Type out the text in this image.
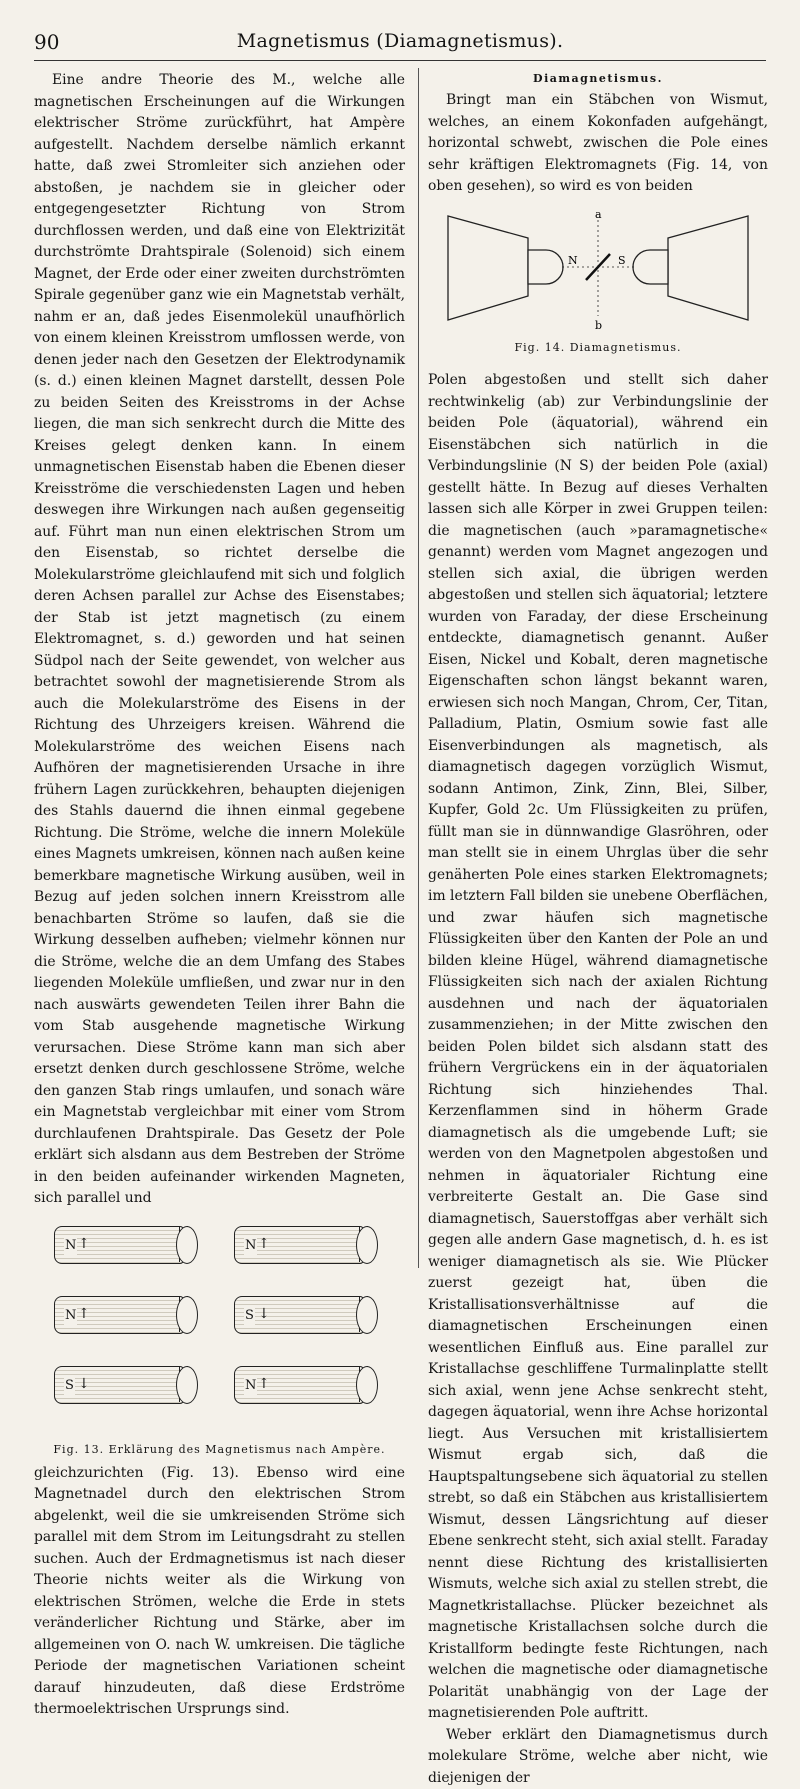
90	Magnetismus (Diamagnetismus).

Eine andre Theorie des M., welche alle magnetischen Erscheinungen auf die Wirkungen elektrischer Ströme zurückführt, hat Ampère aufgestellt. Nachdem derselbe nämlich erkannt hatte, daß zwei Stromleiter sich anziehen oder abstoßen, je nachdem sie in gleicher oder entgegengesetzter Richtung von Strom durchflossen werden, und daß eine von Elektrizität durchströmte Drahtspirale (Solenoid) sich einem Magnet, der Erde oder einer zweiten durchströmten Spirale gegenüber ganz wie ein Magnetstab verhält, nahm er an, daß jedes Eisenmolekül unaufhörlich von einem kleinen Kreisstrom umflossen werde, von denen jeder nach den Gesetzen der Elektrodynamik (s. d.) einen kleinen Magnet darstellt, dessen Pole zu beiden Seiten des Kreisstroms in der Achse liegen, die man sich senkrecht durch die Mitte des Kreises gelegt denken kann. In einem unmagnetischen Eisenstab haben die Ebenen dieser Kreisströme die verschiedensten Lagen und heben deswegen ihre Wirkungen nach außen gegenseitig auf. Führt man nun einen elektrischen Strom um den Eisenstab, so richtet derselbe die Molekularströme gleichlaufend mit sich und folglich deren Achsen parallel zur Achse des Eisenstabes; der Stab ist jetzt magnetisch (zu einem Elektromagnet, s. d.) geworden und hat seinen Südpol nach der Seite gewendet, von welcher aus betrachtet sowohl der magnetisierende Strom als auch die Molekularströme des Eisens in der Richtung des Uhrzeigers kreisen. Während die Molekularströme des weichen Eisens nach Aufhören der magnetisierenden Ursache in ihre frühern Lagen zurückkehren, behaupten diejenigen des Stahls dauernd die ihnen einmal gegebene Richtung. Die Ströme, welche die innern Moleküle eines Magnets umkreisen, können nach außen keine bemerkbare magnetische Wirkung ausüben, weil in Bezug auf jeden solchen innern Kreisstrom alle benachbarten Ströme so laufen, daß sie die Wirkung desselben aufheben; vielmehr können nur die Ströme, welche die an dem Umfang des Stabes liegenden Moleküle umfließen, und zwar nur in den nach auswärts gewendeten Teilen ihrer Bahn die vom Stab ausgehende magnetische Wirkung verursachen. Diese Ströme kann man sich aber ersetzt denken durch geschlossene Ströme, welche den ganzen Stab rings umlaufen, und sonach wäre ein Magnetstab vergleichbar mit einer vom Strom durchlaufenen Drahtspirale. Das Gesetz der Pole erklärt sich alsdann aus dem Bestreben der Ströme in den beiden aufeinander wirkenden Magneten, sich parallel und

N ↑	N ↑
N ↑	S ↓
S ↓	N ↑
Fig. 13. Erklärung des Magnetismus nach Ampère.

gleichzurichten (Fig. 13). Ebenso wird eine Magnetnadel durch den elektrischen Strom abgelenkt, weil die sie umkreisenden Ströme sich parallel mit dem Strom im Leitungsdraht zu stellen suchen. Auch der Erdmagnetismus ist nach dieser Theorie nichts weiter als die Wirkung von elektrischen Strömen, welche die Erde in stets veränderlicher Richtung und Stärke, aber im allgemeinen von O. nach W. umkreisen. Die tägliche Periode der magnetischen Variationen scheint darauf hinzudeuten, daß diese Erdströme thermoelektrischen Ursprungs sind.

Diamagnetismus.

Bringt man ein Stäbchen von Wismut, welches, an einem Kokonfaden aufgehängt, horizontal schwebt, zwischen die Pole eines sehr kräftigen Elektromagnets (Fig. 14, von oben gesehen), so wird es von beiden

a
b
N	S
Fig. 14. Diamagnetismus.

Polen abgestoßen und stellt sich daher rechtwinkelig (ab) zur Verbindungslinie der beiden Pole (äquatorial), während ein Eisenstäbchen sich natürlich in die Verbindungslinie (N S) der beiden Pole (axial) gestellt hätte. In Bezug auf dieses Verhalten lassen sich alle Körper in zwei Gruppen teilen: die magnetischen (auch »paramagnetische« genannt) werden vom Magnet angezogen und stellen sich axial, die übrigen werden abgestoßen und stellen sich äquatorial; letztere wurden von Faraday, der diese Erscheinung entdeckte, diamagnetisch genannt. Außer Eisen, Nickel und Kobalt, deren magnetische Eigenschaften schon längst bekannt waren, erwiesen sich noch Mangan, Chrom, Cer, Titan, Palladium, Platin, Osmium sowie fast alle Eisenverbindungen als magnetisch, als diamagnetisch dagegen vorzüglich Wismut, sodann Antimon, Zink, Zinn, Blei, Silber, Kupfer, Gold 2c. Um Flüssigkeiten zu prüfen, füllt man sie in dünnwandige Glasröhren, oder man stellt sie in einem Uhrglas über die sehr genäherten Pole eines starken Elektromagnets; im letztern Fall bilden sie unebene Oberflächen, und zwar häufen sich magnetische Flüssigkeiten über den Kanten der Pole an und bilden kleine Hügel, während diamagnetische Flüssigkeiten sich nach der axialen Richtung ausdehnen und nach der äquatorialen zusammenziehen; in der Mitte zwischen den beiden Polen bildet sich alsdann statt des frühern Vergrückens ein in der äquatorialen Richtung sich hinziehendes Thal. Kerzenflammen sind in höherm Grade diamagnetisch als die umgebende Luft; sie werden von den Magnetpolen abgestoßen und nehmen in äquatorialer Richtung eine verbreiterte Gestalt an. Die Gase sind diamagnetisch, Sauerstoffgas aber verhält sich gegen alle andern Gase magnetisch, d. h. es ist weniger diamagnetisch als sie. Wie Plücker zuerst gezeigt hat, üben die Kristallisationsverhältnisse auf die diamagnetischen Erscheinungen einen wesentlichen Einfluß aus. Eine parallel zur Kristallachse geschliffene Turmalinplatte stellt sich axial, wenn jene Achse senkrecht steht, dagegen äquatorial, wenn ihre Achse horizontal liegt. Aus Versuchen mit kristallisiertem Wismut ergab sich, daß die Hauptspaltungsebene sich äquatorial zu stellen strebt, so daß ein Stäbchen aus kristallisiertem Wismut, dessen Längsrichtung auf dieser Ebene senkrecht steht, sich axial stellt. Faraday nennt diese Richtung des kristallisierten Wismuts, welche sich axial zu stellen strebt, die Magnetkristallachse. Plücker bezeichnet als magnetische Kristallachsen solche durch die Kristallform bedingte feste Richtungen, nach welchen die magnetische oder diamagnetische Polarität unabhängig von der Lage der magnetisierenden Pole auftritt.

Weber erklärt den Diamagnetismus durch molekulare Ströme, welche aber nicht, wie diejenigen der
